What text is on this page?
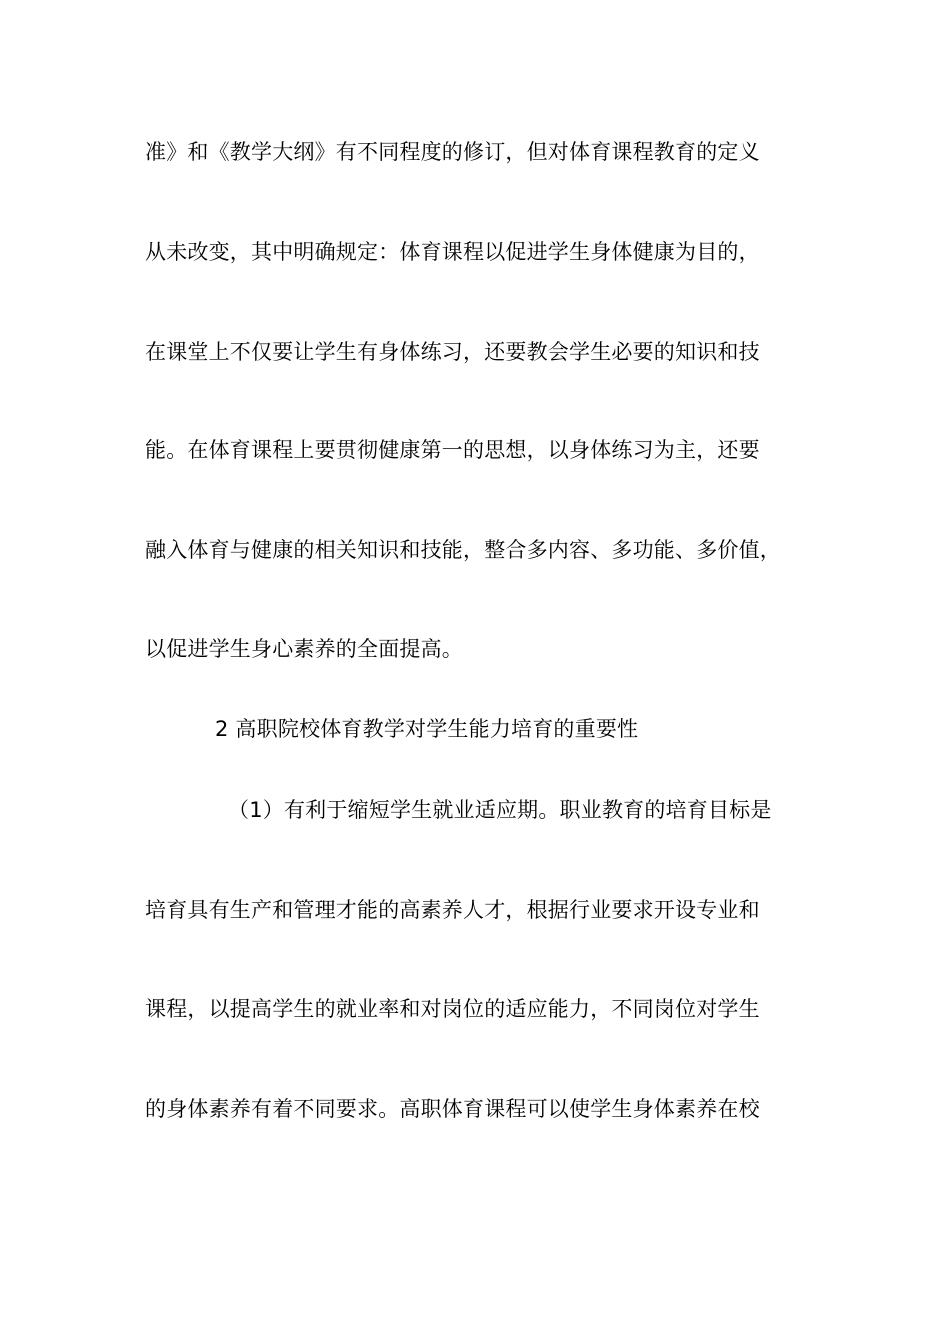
准》和《教学大纲》有不同程度的修订，但对体育课程教育的定义
从未改变，其中明确规定：体育课程以促进学生身体健康为目的，
在课堂上不仅要让学生有身体练习，还要教会学生必要的知识和技
能。在体育课程上要贯彻健康第一的思想，以身体练习为主，还要
融入体育与健康的相关知识和技能，整合多内容、多功能、多价值，
以促进学生身心素养的全面提高。
2 高职院校体育教学对学生能力培育的重要性
（1）有利于缩短学生就业适应期。职业教育的培育目标是
培育具有生产和管理才能的高素养人才，根据行业要求开设专业和
课程，以提高学生的就业率和对岗位的适应能力，不同岗位对学生
的身体素养有着不同要求。高职体育课程可以使学生身体素养在校
